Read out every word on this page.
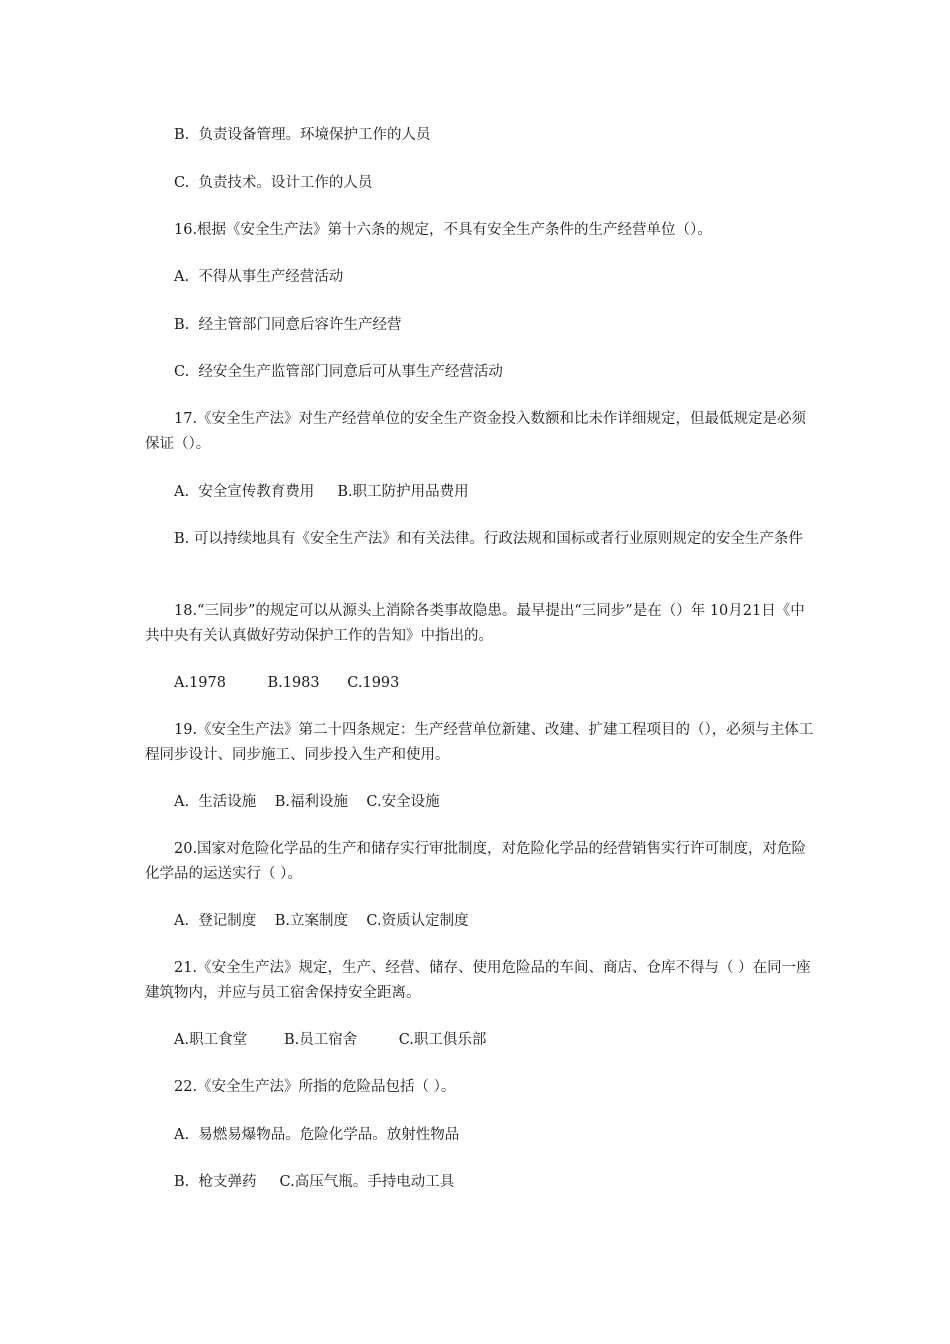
B.  负责设备管理。环境保护工作的人员
C.  负责技术。设计工作的人员
16.根据《安全生产法》第十六条的规定，不具有安全生产条件的生产经营单位（）。
A.  不得从事生产经营活动
B.  经主管部门同意后容许生产经营
C.  经安全生产监管部门同意后可从事生产经营活动
17.《安全生产法》对生产经营单位的安全生产资金投入数额和比未作详细规定，但最低规定是必须保证（）。
A.  安全宣传教育费用     B.职工防护用品费用
B. 可以持续地具有《安全生产法》和有关法律。行政法规和国标或者行业原则规定的安全生产条件
18.“三同步”的规定可以从源头上消除各类事故隐患。最早提出“三同步”是在（）年 10月21日《中共中央有关认真做好劳动保护工作的告知》中指出的。
A.1978         B.1983      C.1993
19.《安全生产法》第二十四条规定：生产经营单位新建、改建、扩建工程项目的（），必须与主体工程同步设计、同步施工、同步投入生产和使用。
A.  生活设施    B.福利设施    C.安全设施
20.国家对危险化学品的生产和储存实行审批制度，对危险化学品的经营销售实行许可制度，对危险化学品的运送实行（ ）。
A.  登记制度    B.立案制度    C.资质认定制度
21.《安全生产法》规定，生产、经营、储存、使用危险品的车间、商店、仓库不得与（ ）在同一座建筑物内，并应与员工宿舍保持安全距离。
A.职工食堂        B.员工宿舍         C.职工俱乐部
22.《安全生产法》所指的危险品包括（ ）。
A.  易燃易爆物品。危险化学品。放射性物品
B.  枪支弹药     C.高压气瓶。手持电动工具
